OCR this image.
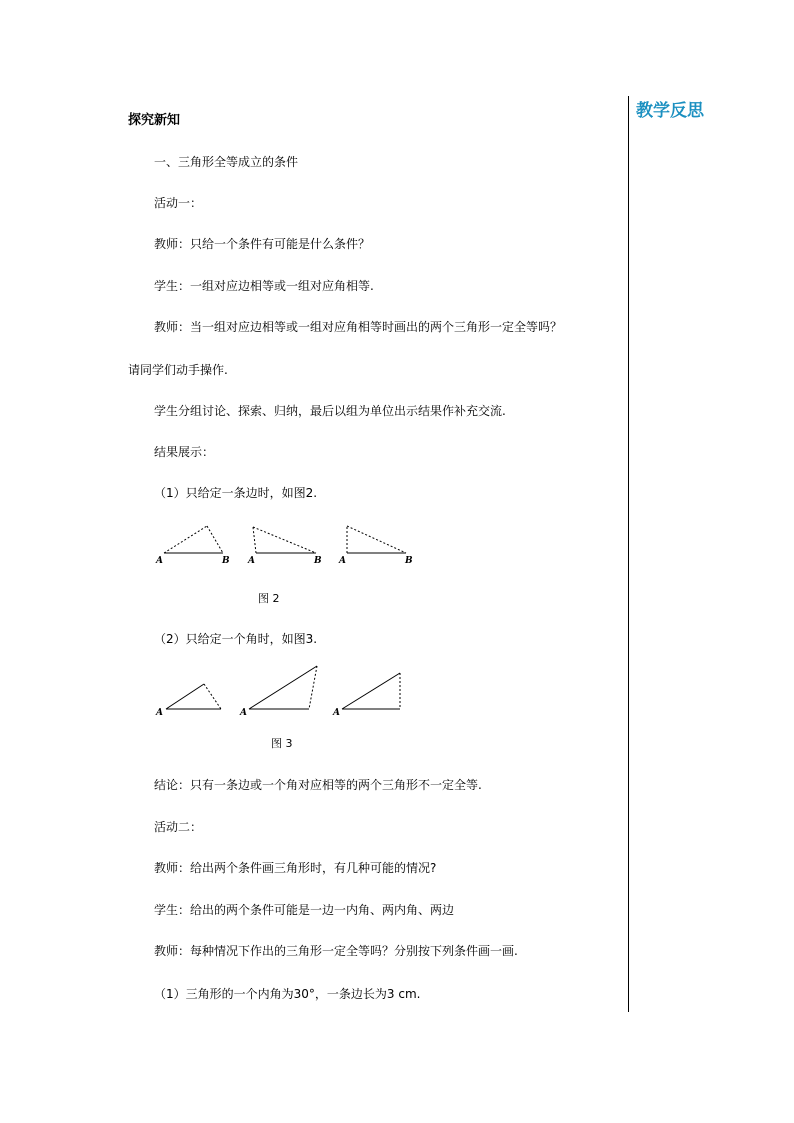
教学反思
探究新知
一、三角形全等成立的条件
活动一：
教师：只给一个条件有可能是什么条件？
学生：一组对应边相等或一组对应角相等.
教师：当一组对应边相等或一组对应角相等时画出的两个三角形一定全等吗？
请同学们动手操作.
学生分组讨论、探索、归纳，最后以组为单位出示结果作补充交流.
结果展示：
（1）只给定一条边时，如图2.
A	B A	B A	B
图 2
（2）只给定一个角时，如图3.
A	A	A
图 3
结论：只有一条边或一个角对应相等的两个三角形不一定全等.
活动二：
教师：给出两个条件画三角形时，有几种可能的情况?
学生：给出的两个条件可能是一边一内角、两内角、两边
教师：每种情况下作出的三角形一定全等吗？分别按下列条件画一画.
（1）三角形的一个内角为30°，一条边长为3 cm.
